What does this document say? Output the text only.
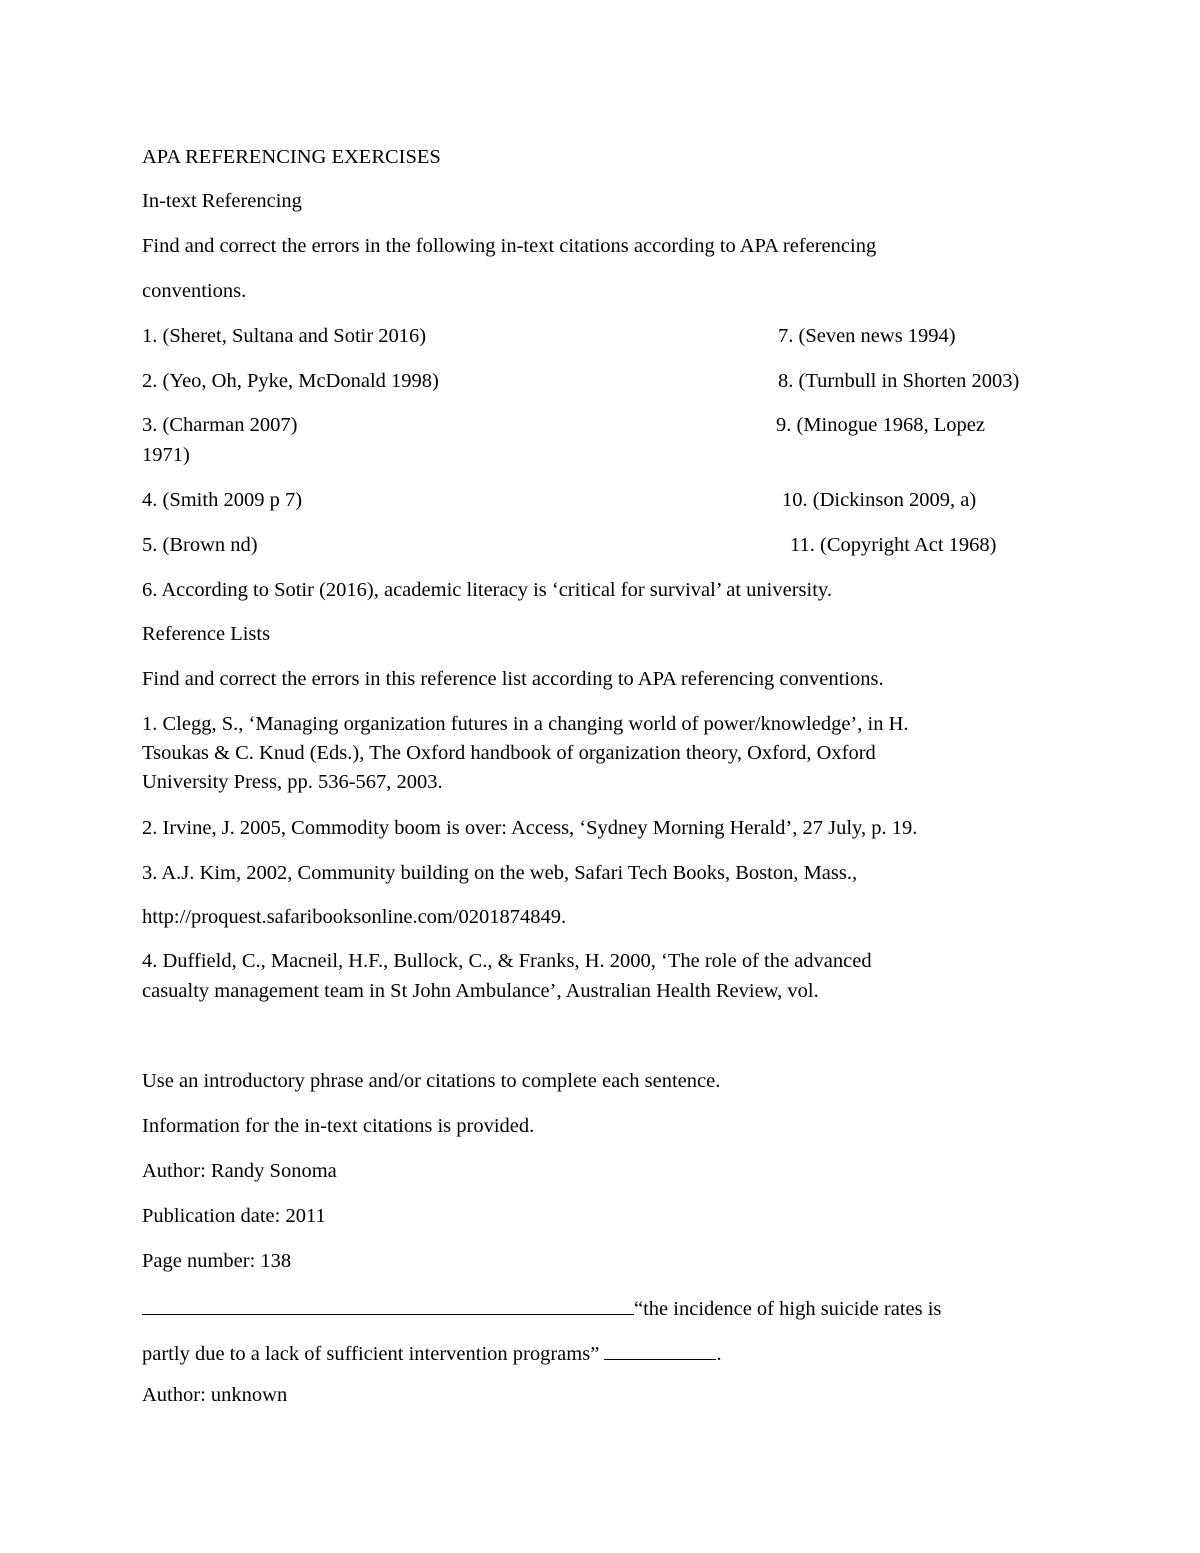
APA REFERENCING EXERCISES

In-text Referencing

Find and correct the errors in the following in-text citations according to APA referencing

conventions.

1. (Sheret, Sultana and Sotir 2016)	7. (Seven news 1994)

2. (Yeo, Oh, Pyke, McDonald 1998)	8. (Turnbull in Shorten 2003)

3. (Charman 2007)	9. (Minogue 1968, Lopez

1971)

4. (Smith 2009 p 7)	10. (Dickinson 2009, a)

5. (Brown nd)	11. (Copyright Act 1968)

6. According to Sotir (2016), academic literacy is ‘critical for survival’ at university.

Reference Lists

Find and correct the errors in this reference list according to APA referencing conventions.

1. Clegg, S., ‘Managing organization futures in a changing world of power/knowledge’, in H.

Tsoukas & C. Knud (Eds.), The Oxford handbook of organization theory, Oxford, Oxford

University Press, pp. 536-567, 2003.

2. Irvine, J. 2005, Commodity boom is over: Access, ‘Sydney Morning Herald’, 27 July, p. 19.

3. A.J. Kim, 2002, Community building on the web, Safari Tech Books, Boston, Mass.,

http://proquest.safaribooksonline.com/0201874849.

4. Duffield, C., Macneil, H.F., Bullock, C., & Franks, H. 2000, ‘The role of the advanced

casualty management team in St John Ambulance’, Australian Health Review, vol.

Use an introductory phrase and/or citations to complete each sentence.

Information for the in-text citations is provided.

Author: Randy Sonoma

Publication date: 2011

Page number: 138

“the incidence of high suicide rates is

partly due to a lack of sufficient intervention programs”	.

Author: unknown
